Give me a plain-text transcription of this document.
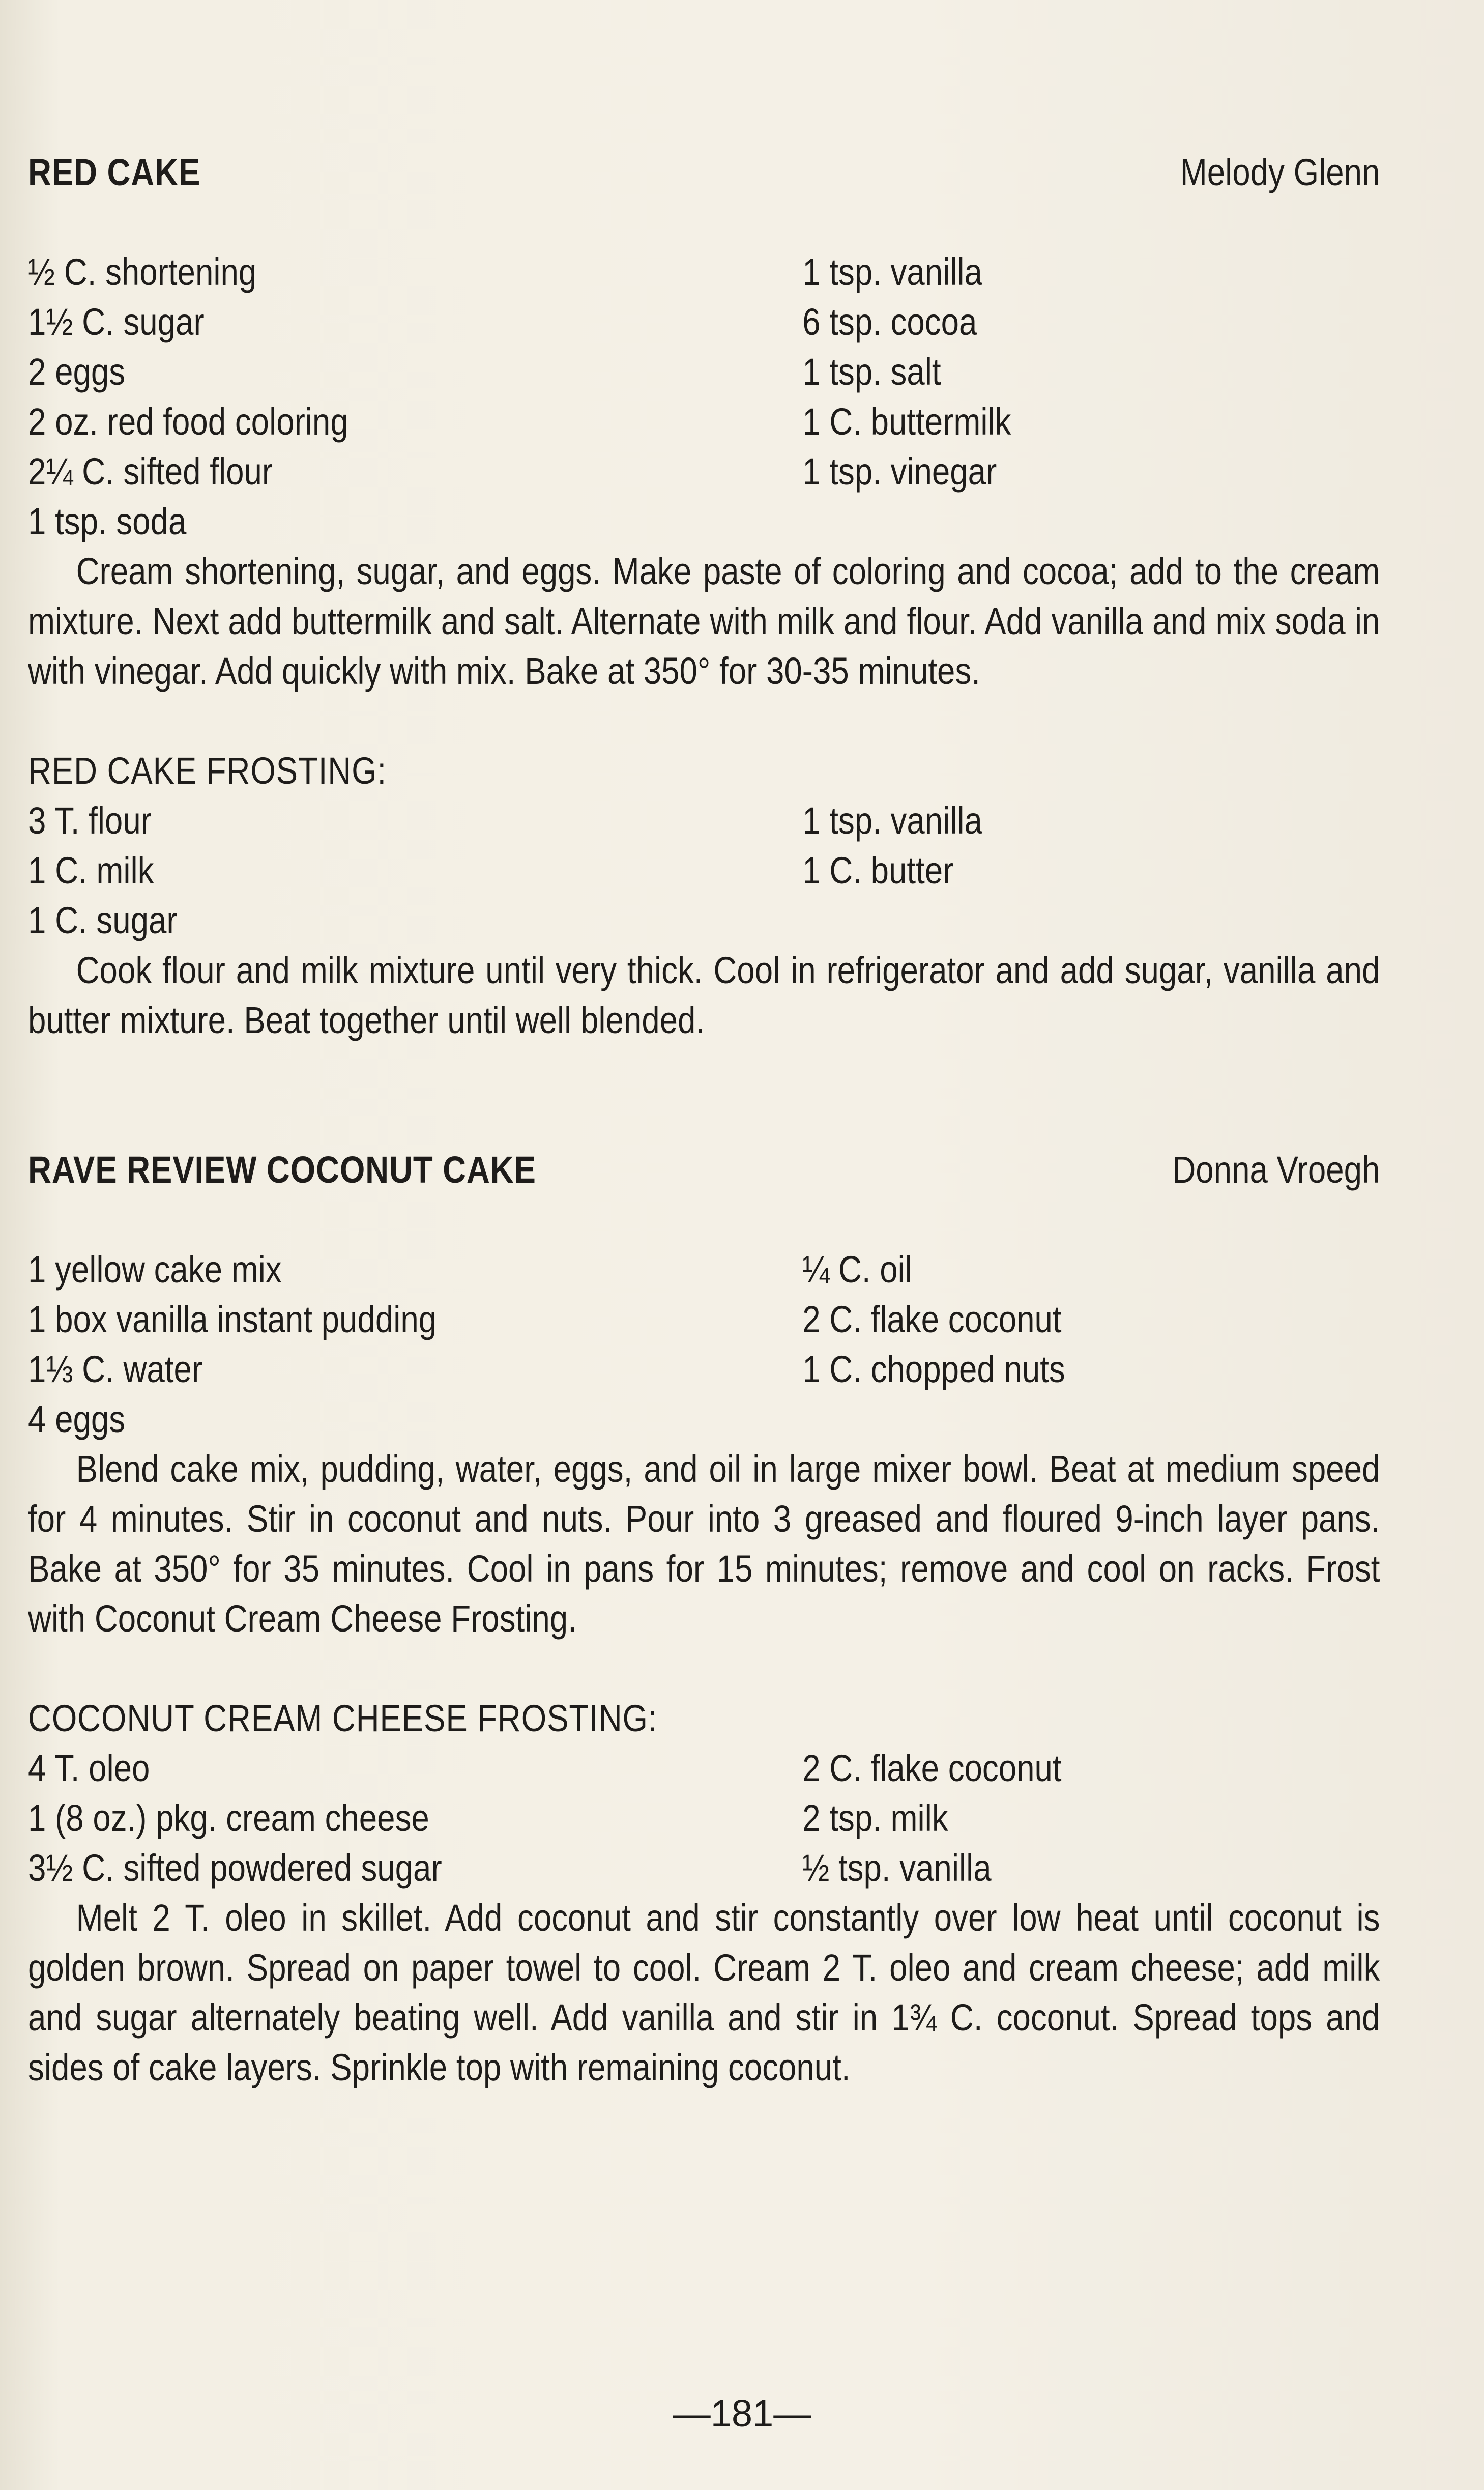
RED CAKE	Melody Glenn
½ C. shortening	1 tsp. vanilla
1½ C. sugar	6 tsp. cocoa
2 eggs	1 tsp. salt
2 oz. red food coloring	1 C. buttermilk
2¼ C. sifted flour	1 tsp. vinegar
1 tsp. soda

Cream shortening, sugar, and eggs. Make paste of coloring and cocoa; add to the cream mixture. Next add buttermilk and salt. Alternate with milk and flour. Add vanilla and mix soda in with vinegar. Add quickly with mix. Bake at 350° for 30-35 minutes.

RED CAKE FROSTING:
3 T. flour	1 tsp. vanilla
1 C. milk	1 C. butter
1 C. sugar

Cook flour and milk mixture until very thick. Cool in refrigerator and add sugar, vanilla and butter mixture. Beat together until well blended.

RAVE REVIEW COCONUT CAKE	Donna Vroegh
1 yellow cake mix	¼ C. oil
1 box vanilla instant pudding	2 C. flake coconut
1⅓ C. water	1 C. chopped nuts
4 eggs

Blend cake mix, pudding, water, eggs, and oil in large mixer bowl. Beat at medium speed for 4 minutes. Stir in coconut and nuts. Pour into 3 greased and floured 9-inch layer pans. Bake at 350° for 35 minutes. Cool in pans for 15 minutes; remove and cool on racks. Frost with Coconut Cream Cheese Frosting.

COCONUT CREAM CHEESE FROSTING:
4 T. oleo	2 C. flake coconut
1 (8 oz.) pkg. cream cheese	2 tsp. milk
3½ C. sifted powdered sugar	½ tsp. vanilla

Melt 2 T. oleo in skillet. Add coconut and stir constantly over low heat until coconut is golden brown. Spread on paper towel to cool. Cream 2 T. oleo and cream cheese; add milk and sugar alternately beating well. Add vanilla and stir in 1¾ C. coconut. Spread tops and sides of cake layers. Sprinkle top with remaining coconut.

—181—
